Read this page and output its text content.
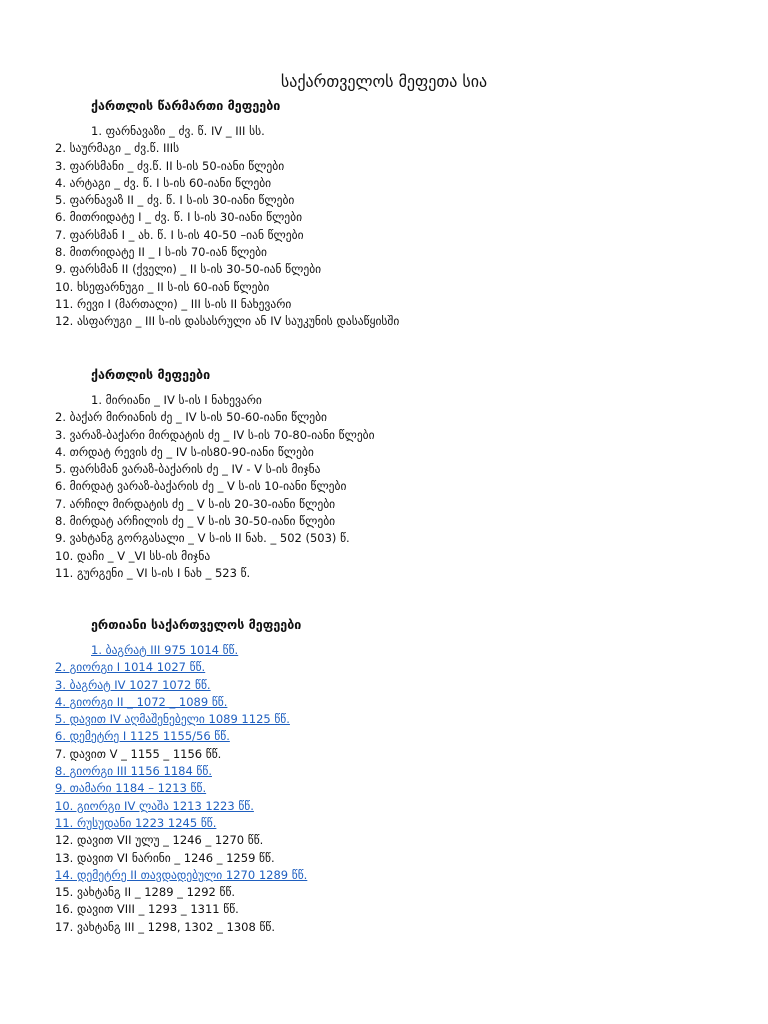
საქართველოს მეფეთა სია
ქართლის წარმართი მეფეები
1. ფარნავაზი _ ძვ. წ. IV _ III სს.
2. საურმაგი _ ძვ.წ. IIIს
3. ფარსმანი _ ძვ.წ. II ს-ის 50-იანი წლები
4. არტაგი _ ძვ. წ. I ს-ის 60-იანი წლები
5. ფარნავაზ II _ ძვ. წ. I ს-ის 30-იანი წლები
6. მითრიდატე I _ ძვ. წ. I ს-ის 30-იანი წლები
7. ფარსმან I _ ახ. წ. I ს-ის 40-50 –იან წლები
8. მითრიდატე II _ I ს-ის 70-იან წლები
9. ფარსმან II (ქველი) _ II ს-ის 30-50-იან წლები
10. ხსეფარნუგი _ II ს-ის 60-იან წლები
11. რევი I (მართალი) _ III ს-ის II ნახევარი
12. ასფარუგი _ III ს-ის დასასრული ან IV საუკუნის დასაწყისში
ქართლის მეფეები
1. მირიანი _ IV ს-ის I ნახევარი
2. ბაქარ მირიანის ძე _ IV ს-ის 50-60-იანი წლები
3. ვარაზ-ბაქარი მირდატის ძე _ IV ს-ის 70-80-იანი წლები
4. თრდატ რევის ძე _ IV ს-ის80-90-იანი წლები
5. ფარსმან ვარაზ-ბაქარის ძე _ IV - V ს-ის მიჯნა
6. მირდატ ვარაზ-ბაქარის ძე _ V ს-ის 10-იანი წლები
7. არჩილ მირდატის ძე _ V ს-ის 20-30-იანი წლები
8. მირდატ არჩილის ძე _ V ს-ის 30-50-იანი წლები
9. ვახტანგ გორგასალი _ V ს-ის II ნახ. _ 502 (503) წ.
10. დაჩი _ V _VI სს-ის მიჯნა
11. გურგენი _ VI ს-ის I ნახ _ 523 წ.
ერთიანი საქართველოს მეფეები
1. ბაგრატ III 975 1014 წწ.
2. გიორგი I 1014 1027 წწ.
3. ბაგრატ IV 1027 1072 წწ.
4. გიორგი II _ 1072 _ 1089 წწ.
5. დავით IV აღმაშენებელი 1089 1125 წწ.
6. დემეტრე I 1125 1155/56 წწ.
7. დავით V _ 1155 _ 1156 წწ.
8. გიორგი III 1156 1184 წწ.
9. თამარი 1184 – 1213 წწ.
10. გიორგი IV ლაშა 1213 1223 წწ.
11. რუსუდანი 1223 1245 წწ.
12. დავით VII ულუ _ 1246 _ 1270 წწ.
13. დავით VI ნარინი _ 1246 _ 1259 წწ.
14. დემეტრე II თავდადებული 1270 1289 წწ.
15. ვახტანგ II _ 1289 _ 1292 წწ.
16. დავით VIII _ 1293 _ 1311 წწ.
17. ვახტანგ III _ 1298, 1302 _ 1308 წწ.
